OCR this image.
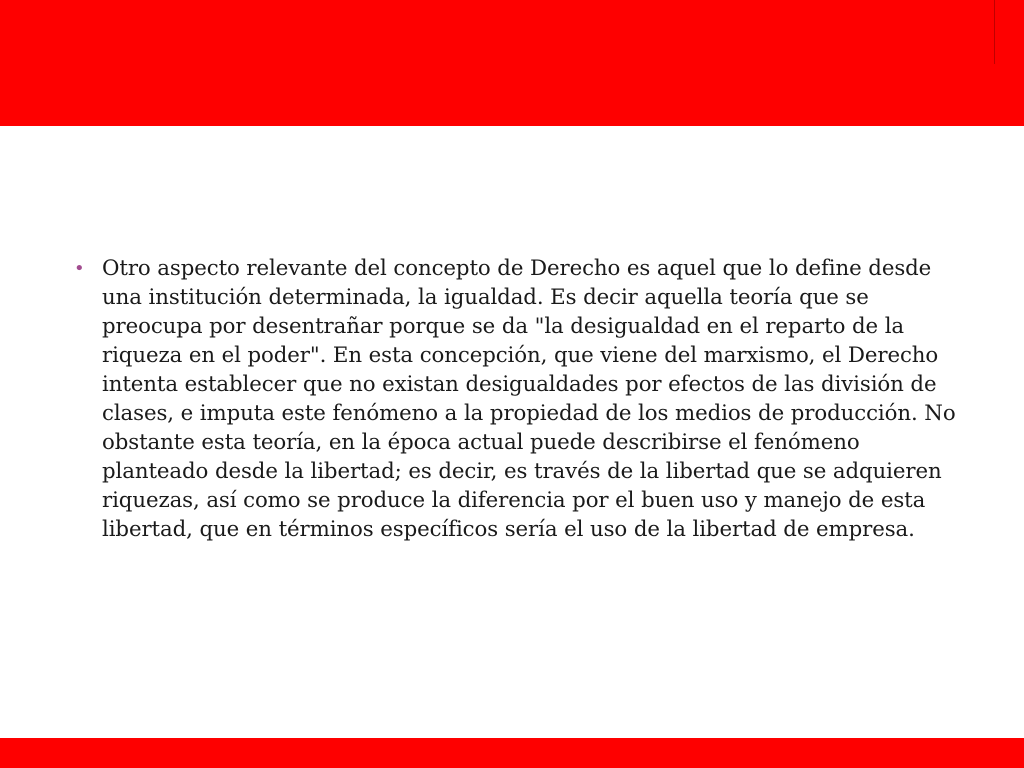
• Otro aspecto relevante del concepto de Derecho es aquel que lo define desde una institución determinada, la igualdad. Es decir aquella teoría que se preocupa por desentrañar porque se da "la desigualdad en el reparto de la riqueza en el poder". En esta concepción, que viene del marxismo, el Derecho intenta establecer que no existan desigualdades por efectos de las división de clases, e imputa este fenómeno a la propiedad de los medios de producción. No obstante esta teoría, en la época actual puede describirse el fenómeno planteado desde la libertad; es decir, es través de la libertad que se adquieren riquezas, así como se produce la diferencia por el buen uso y manejo de esta libertad, que en términos específicos sería el uso de la libertad de empresa.
